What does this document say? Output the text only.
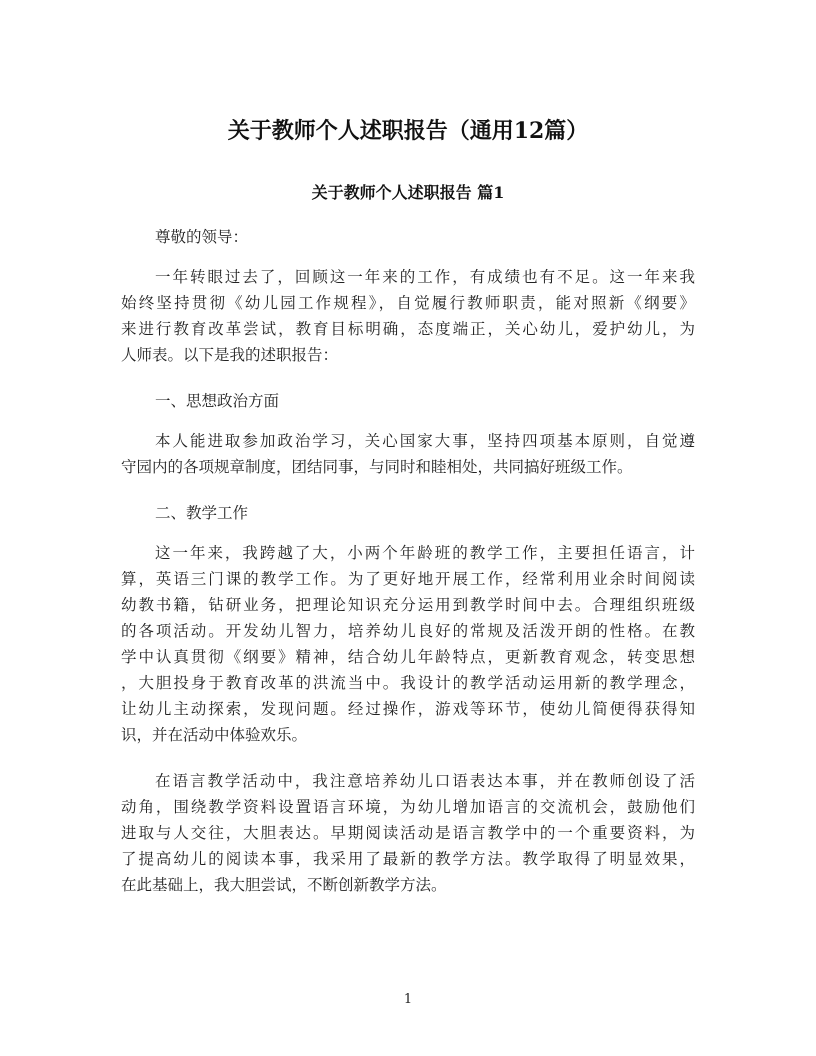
关于教师个人述职报告（通用12篇）
关于教师个人述职报告 篇1
尊敬的领导：
一年转眼过去了，回顾这一年来的工作，有成绩也有不足。这一年来我
始终坚持贯彻《幼儿园工作规程》，自觉履行教师职责，能对照新《纲要》
来进行教育改革尝试，教育目标明确，态度端正，关心幼儿，爱护幼儿，为
人师表。以下是我的述职报告：
一、思想政治方面
本人能进取参加政治学习，关心国家大事，坚持四项基本原则，自觉遵
守园内的各项规章制度，团结同事，与同时和睦相处，共同搞好班级工作。
二、教学工作
这一年来，我跨越了大，小两个年龄班的教学工作，主要担任语言，计
算，英语三门课的教学工作。为了更好地开展工作，经常利用业余时间阅读
幼教书籍，钻研业务，把理论知识充分运用到教学时间中去。合理组织班级
的各项活动。开发幼儿智力，培养幼儿良好的常规及活泼开朗的性格。在教
学中认真贯彻《纲要》精神，结合幼儿年龄特点，更新教育观念，转变思想
，大胆投身于教育改革的洪流当中。我设计的教学活动运用新的教学理念，
让幼儿主动探索，发现问题。经过操作，游戏等环节，使幼儿简便得获得知
识，并在活动中体验欢乐。
在语言教学活动中，我注意培养幼儿口语表达本事，并在教师创设了活
动角，围绕教学资料设置语言环境，为幼儿增加语言的交流机会，鼓励他们
进取与人交往，大胆表达。早期阅读活动是语言教学中的一个重要资料，为
了提高幼儿的阅读本事，我采用了最新的教学方法。教学取得了明显效果，
在此基础上，我大胆尝试，不断创新教学方法。
1
